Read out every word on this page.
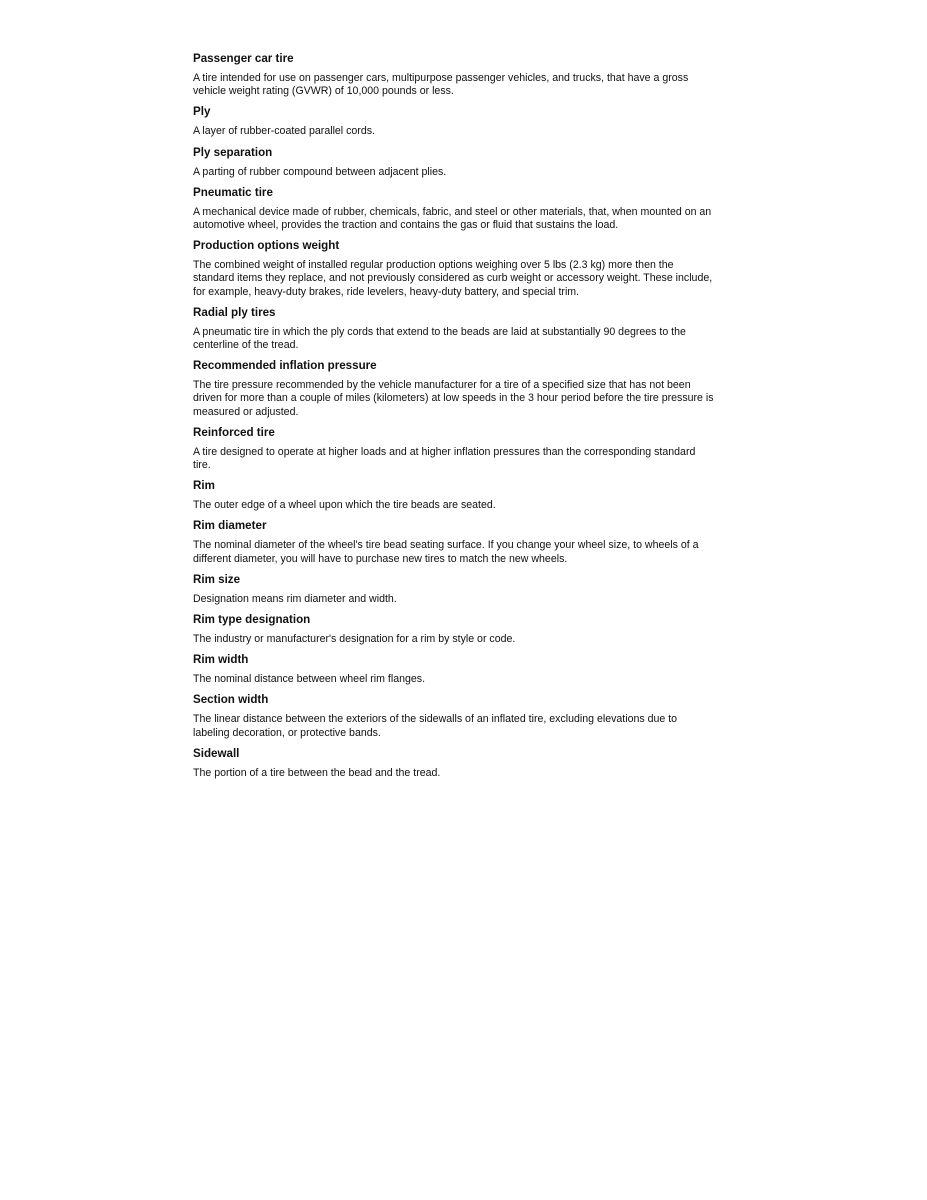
Passenger car tire

A tire intended for use on passenger cars, multipurpose passenger vehicles, and trucks, that have a gross vehicle weight rating (GVWR) of 10,000 pounds or less.

Ply

A layer of rubber-coated parallel cords.

Ply separation

A parting of rubber compound between adjacent plies.

Pneumatic tire

A mechanical device made of rubber, chemicals, fabric, and steel or other materials, that, when mounted on an automotive wheel, provides the traction and contains the gas or fluid that sustains the load.

Production options weight

The combined weight of installed regular production options weighing over 5 lbs (2.3 kg) more then the standard items they replace, and not previously considered as curb weight or accessory weight. These include, for example, heavy-duty brakes, ride levelers, heavy-duty battery, and special trim.

Radial ply tires

A pneumatic tire in which the ply cords that extend to the beads are laid at substantially 90 degrees to the centerline of the tread.

Recommended inflation pressure

The tire pressure recommended by the vehicle manufacturer for a tire of a specified size that has not been driven for more than a couple of miles (kilometers) at low speeds in the 3 hour period before the tire pressure is measured or adjusted.

Reinforced tire

A tire designed to operate at higher loads and at higher inflation pressures than the corresponding standard tire.

Rim

The outer edge of a wheel upon which the tire beads are seated.

Rim diameter

The nominal diameter of the wheel's tire bead seating surface. If you change your wheel size, to wheels of a different diameter, you will have to purchase new tires to match the new wheels.

Rim size

Designation means rim diameter and width.

Rim type designation

The industry or manufacturer's designation for a rim by style or code.

Rim width

The nominal distance between wheel rim flanges.

Section width

The linear distance between the exteriors of the sidewalls of an inflated tire, excluding elevations due to labeling decoration, or protective bands.

Sidewall

The portion of a tire between the bead and the tread.
